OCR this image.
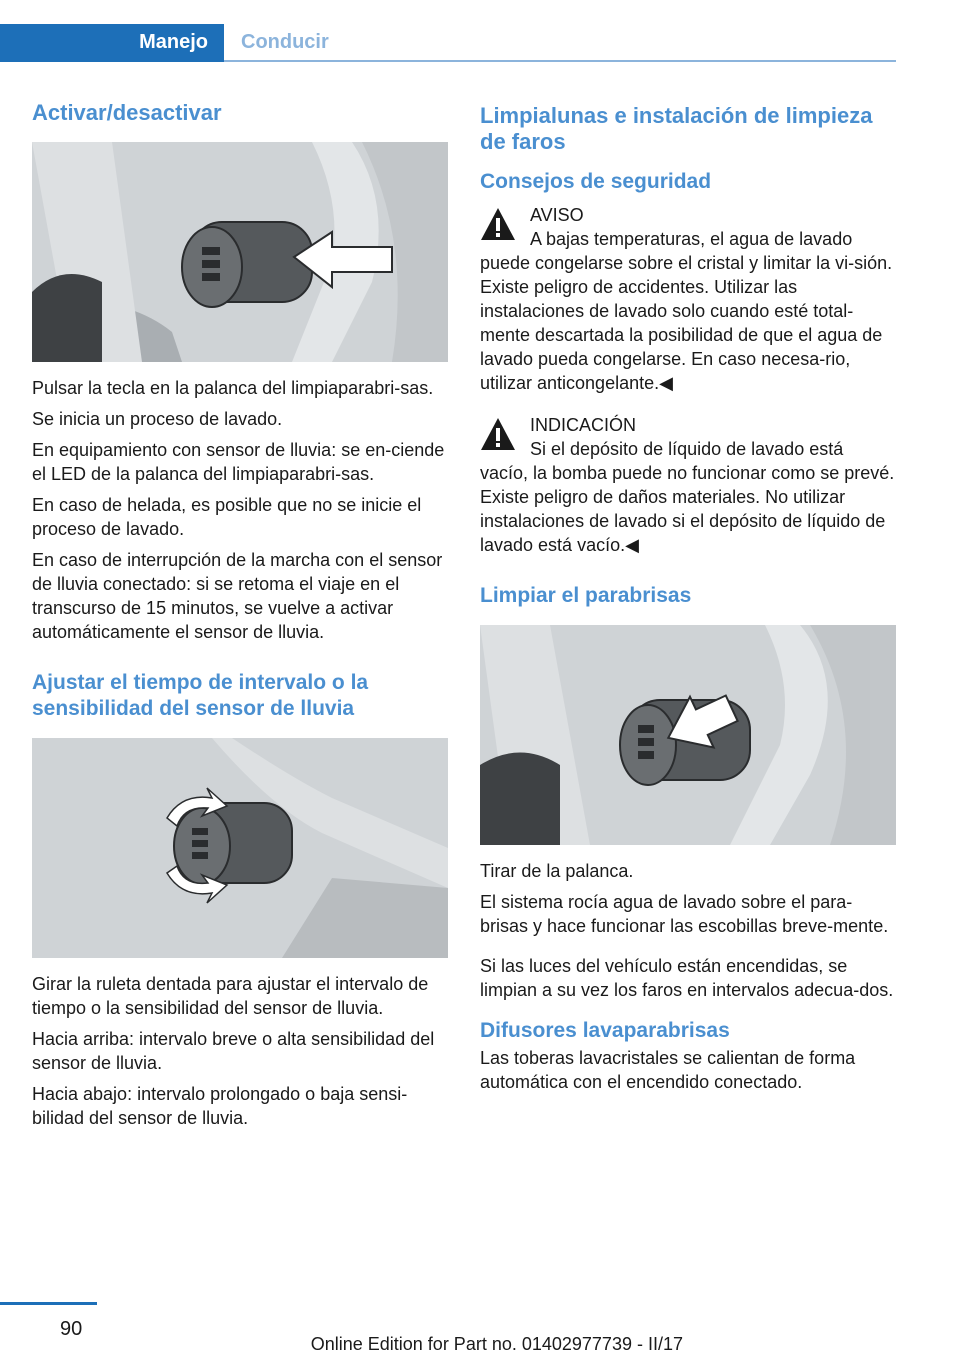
Manejo Conducir
Activar/desactivar

Pulsar la tecla en la palanca del limpiaparabri‐sas.

Se inicia un proceso de lavado.

En equipamiento con sensor de lluvia: se en‐ciende el LED de la palanca del limpiaparabri‐sas.

En caso de helada, es posible que no se inicie el proceso de lavado.

En caso de interrupción de la marcha con el sensor de lluvia conectado: si se retoma el viaje en el transcurso de 15 minutos, se vuelve a activar automáticamente el sensor de lluvia.

Ajustar el tiempo de intervalo o la sensibilidad del sensor de lluvia

Girar la ruleta dentada para ajustar el intervalo de tiempo o la sensibilidad del sensor de lluvia.

Hacia arriba: intervalo breve o alta sensibilidad del sensor de lluvia.

Hacia abajo: intervalo prolongado o baja sensi‐bilidad del sensor de lluvia.

Limpialunas e instalación de limpieza de faros
Consejos de seguridad
AVISO

A bajas temperaturas, el agua de lavado puede congelarse sobre el cristal y limitar la vi‐sión. Existe peligro de accidentes. Utilizar las instalaciones de lavado solo cuando esté total‐mente descartada la posibilidad de que el agua de lavado pueda congelarse. En caso necesa‐rio, utilizar anticongelante.◀

INDICACIÓN

Si el depósito de líquido de lavado está vacío, la bomba puede no funcionar como se prevé. Existe peligro de daños materiales. No utilizar instalaciones de lavado si el depósito de líquido de lavado está vacío.◀

Limpiar el parabrisas

Tirar de la palanca.

El sistema rocía agua de lavado sobre el para‐brisas y hace funcionar las escobillas breve‐mente.

Si las luces del vehículo están encendidas, se limpian a su vez los faros en intervalos adecua‐dos.

Difusores lavaparabrisas

Las toberas lavacristales se calientan de forma automática con el encendido conectado.

90
Online Edition for Part no. 01402977739 - II/17
